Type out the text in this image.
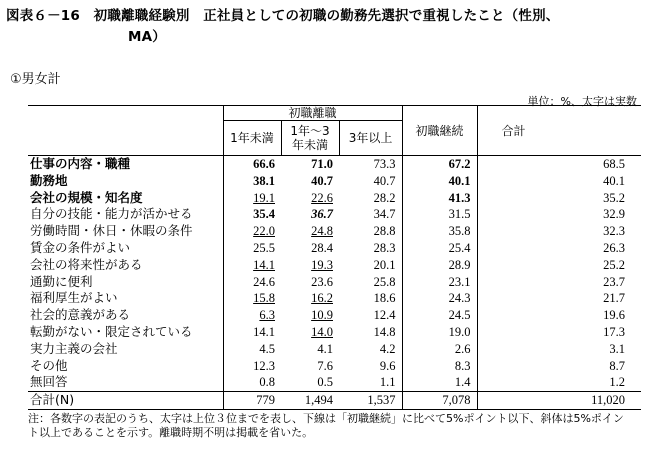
図表６－16　初職離職経験別　正社員としての初職の勤務先選択で重視したこと（性別、
MA）
①男女計
単位：%、太字は実数
	初職離職			初職継続	合計
	1年未満	1年～3年未満	3年以上		
仕事の内容・職種	66.6	71.0	73.3	67.2	68.5
勤務地	38.1	40.7	40.7	40.1	40.1
会社の規模・知名度	19.1	22.6	28.2	41.3	35.2
自分の技能・能力が活かせる	35.4	36.7	34.7	31.5	32.9
労働時間・休日・休暇の条件	22.0	24.8	28.8	35.8	32.3
賃金の条件がよい	25.5	28.4	28.3	25.4	26.3
会社の将来性がある	14.1	19.3	20.1	28.9	25.2
通勤に便利	24.6	23.6	25.8	23.1	23.7
福利厚生がよい	15.8	16.2	18.6	24.3	21.7
社会的意義がある	6.3	10.9	12.4	24.5	19.6
転勤がない・限定されている	14.1	14.0	14.8	19.0	17.3
実力主義の会社	4.5	4.1	4.2	2.6	3.1
その他	12.3	7.6	9.6	8.3	8.7
無回答	0.8	0.5	1.1	1.4	1.2
合計(N)	779	1,494	1,537	7,078	11,020
注：各数字の表記のうち、太字は上位３位までを表し、下線は「初職継続」に比べて5%ポイント以下、斜体は5%ポイント以上であることを示す。離職時期不明は掲載を省いた。
